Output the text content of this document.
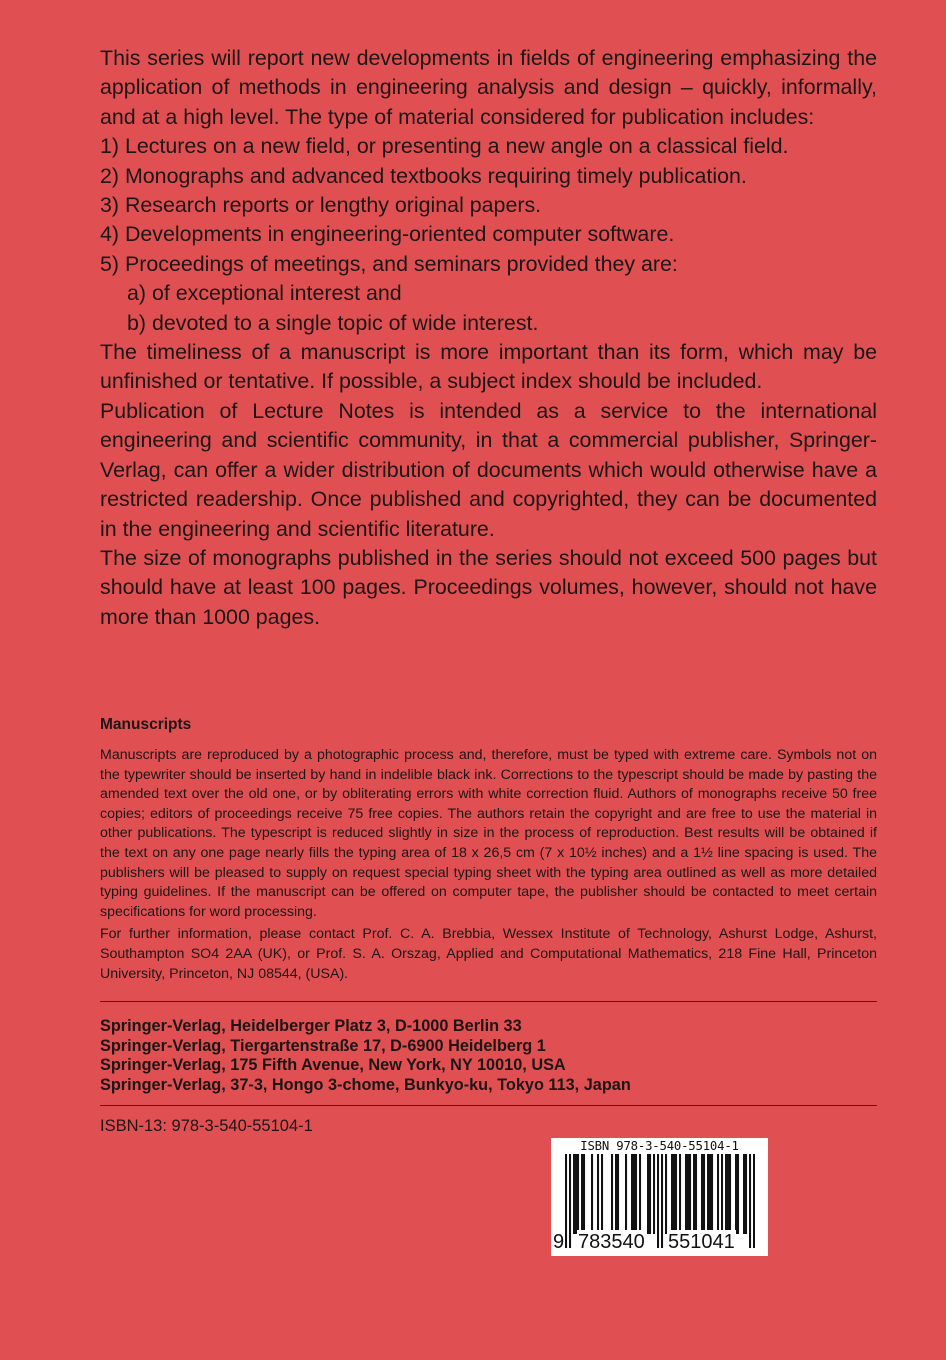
This series will report new developments in fields of engineering emphasizing the application of methods in engineering analysis and design – quickly, informally, and at a high level. The type of material considered for publication includes:

1) Lectures on a new field, or presenting a new angle on a classical field.

2) Monographs and advanced textbooks requiring timely publication.

3) Research reports or lengthy original papers.

4) Developments in engineering-oriented computer software.

5) Proceedings of meetings, and seminars provided they are:

a) of exceptional interest and

b) devoted to a single topic of wide interest.

The timeliness of a manuscript is more important than its form, which may be unfinished or tentative. If possible, a subject index should be included.

Publication of Lecture Notes is intended as a service to the international engineering and scientific community, in that a commercial publisher, Springer-Verlag, can offer a wider distribution of documents which would otherwise have a restricted readership. Once published and copyrighted, they can be documented in the engineering and scientific literature.

The size of monographs published in the series should not exceed 500 pages but should have at least 100 pages. Proceedings volumes, however, should not have more than 1000 pages.

Manuscripts

Manuscripts are reproduced by a photographic process and, therefore, must be typed with extreme care. Symbols not on the typewriter should be inserted by hand in indelible black ink. Corrections to the typescript should be made by pasting the amended text over the old one, or by obliterating errors with white correction fluid. Authors of monographs receive 50 free copies; editors of proceedings receive 75 free copies. The authors retain the copyright and are free to use the material in other publications. The typescript is reduced slightly in size in the process of reproduction. Best results will be obtained if the text on any one page nearly fills the typing area of 18 x 26,5 cm (7 x 10½ inches) and a 1½ line spacing is used. The publishers will be pleased to supply on request special typing sheet with the typing area outlined as well as more detailed typing guidelines. If the manuscript can be offered on computer tape, the publisher should be contacted to meet certain specifications for word processing.

For further information, please contact Prof. C. A. Brebbia, Wessex Institute of Technology, Ashurst Lodge, Ashurst, Southampton SO4 2AA (UK), or Prof. S. A. Orszag, Applied and Computational Mathematics, 218 Fine Hall, Princeton University, Princeton, NJ 08544, (USA).

Springer-Verlag, Heidelberger Platz 3, D-1000 Berlin 33
Springer-Verlag, Tiergartenstraße 17, D-6900 Heidelberg 1
Springer-Verlag, 175 Fifth Avenue, New York, NY 10010, USA
Springer-Verlag, 37-3, Hongo 3-chome, Bunkyo-ku, Tokyo 113, Japan
ISBN-13: 978-3-540-55104-1
ISBN 978-3-540-55104-1
9 783540 551041
